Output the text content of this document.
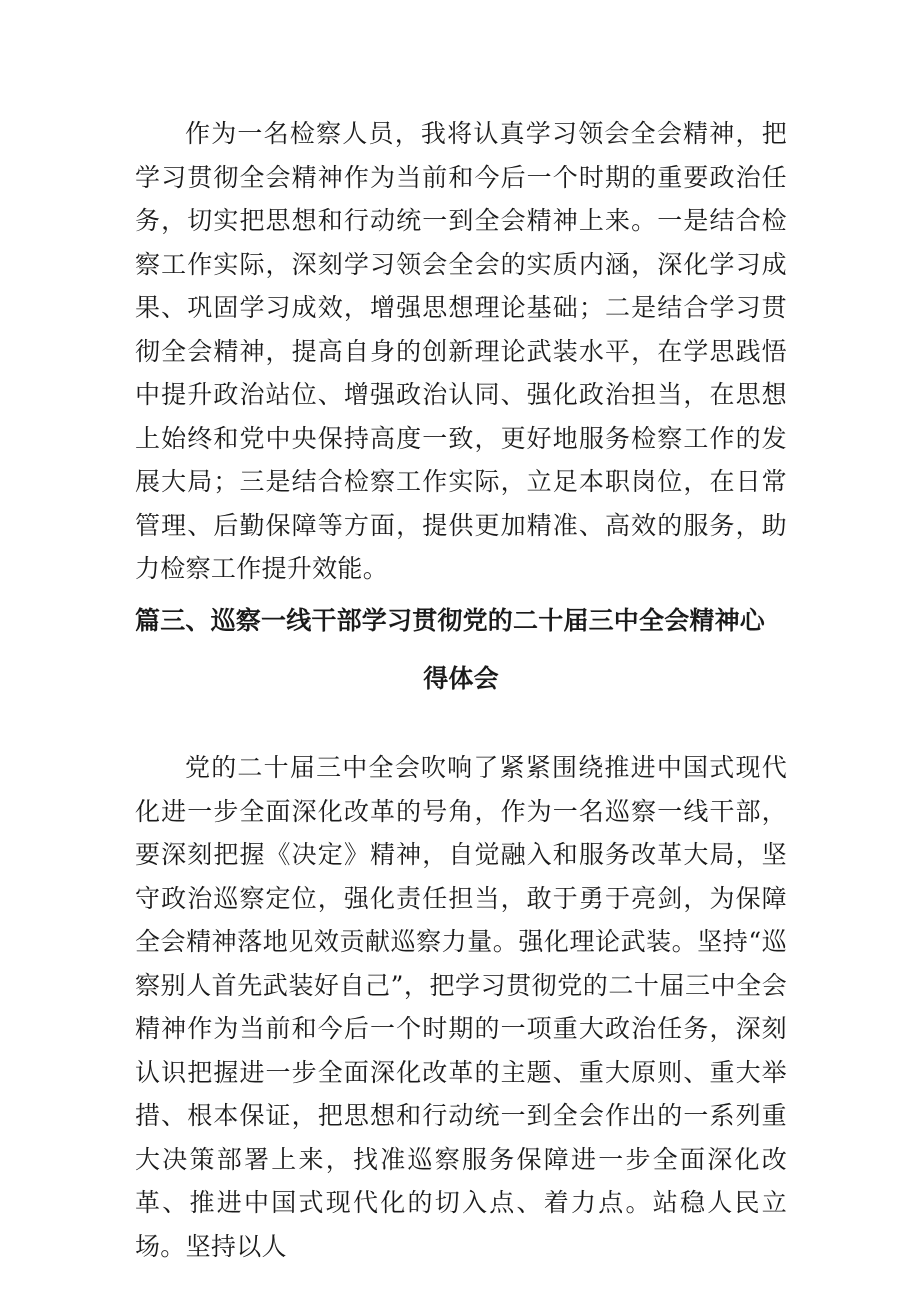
作为一名检察人员，我将认真学习领会全会精神，把学习贯彻全会精神作为当前和今后一个时期的重要政治任务，切实把思想和行动统一到全会精神上来。一是结合检察工作实际，深刻学习领会全会的实质内涵，深化学习成果、巩固学习成效，增强思想理论基础；二是结合学习贯彻全会精神，提高自身的创新理论武装水平，在学思践悟中提升政治站位、增强政治认同、强化政治担当，在思想上始终和党中央保持高度一致，更好地服务检察工作的发展大局；三是结合检察工作实际，立足本职岗位，在日常管理、后勤保障等方面，提供更加精准、高效的服务，助力检察工作提升效能。

篇三、巡察一线干部学习贯彻党的二十届三中全会精神心
得体会

党的二十届三中全会吹响了紧紧围绕推进中国式现代化进一步全面深化改革的号角，作为一名巡察一线干部，要深刻把握《决定》精神，自觉融入和服务改革大局，坚守政治巡察定位，强化责任担当，敢于勇于亮剑，为保障全会精神落地见效贡献巡察力量。强化理论武装。坚持“巡察别人首先武装好自己”，把学习贯彻党的二十届三中全会精神作为当前和今后一个时期的一项重大政治任务，深刻认识把握进一步全面深化改革的主题、重大原则、重大举措、根本保证，把思想和行动统一到全会作出的一系列重大决策部署上来，找准巡察服务保障进一步全面深化改革、推进中国式现代化的切入点、着力点。站稳人民立场。坚持以人
